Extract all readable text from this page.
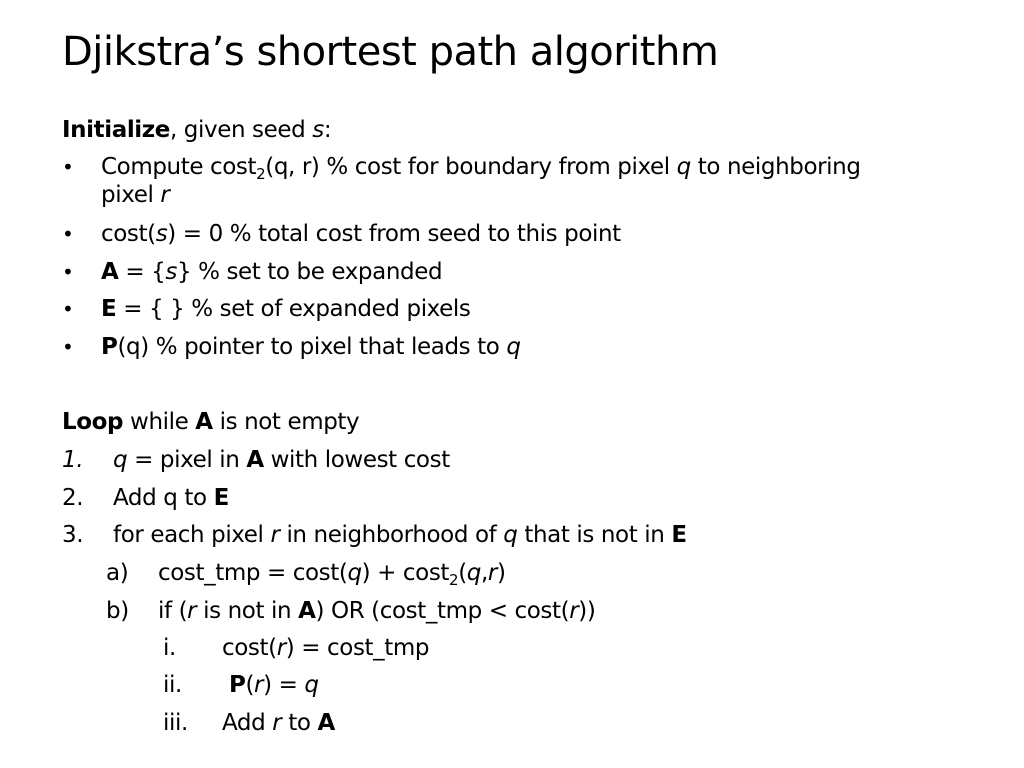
Djikstra’s shortest path algorithm
Initialize, given seed s:
• Compute cost$_2$(q, r) % cost for boundary from pixel q to neighboring
pixel r
• cost(s) = 0 % total cost from seed to this point
• A = {s} % set to be expanded
• E = { } % set of expanded pixels
• P(q) % pointer to pixel that leads to q
Loop while A is not empty
1. q = pixel in A with lowest cost
2. Add q to E
3. for each pixel r in neighborhood of q that is not in E
a) cost_tmp = cost(q) + cost$_2$(q,r)
b) if (r is not in A) OR (cost_tmp < cost(r))
i. cost(r) = cost_tmp
ii. P(r) = q
iii. Add r to A
